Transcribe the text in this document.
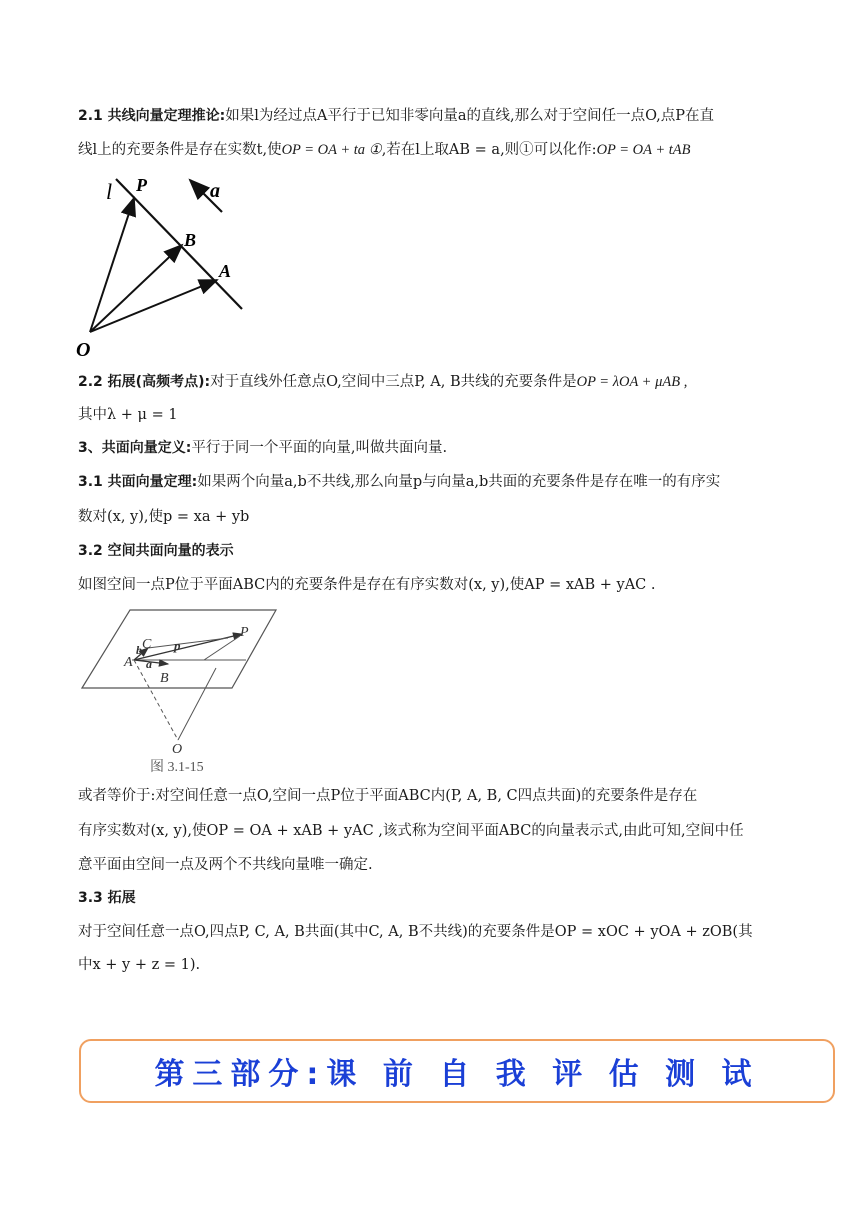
2.1 共线向量定理推论:如果l为经过点A平行于已知非零向量a的直线,那么对于空间任一点O,点P在直
线l上的充要条件是存在实数t,使OP = OA + ta ①,若在l上取AB = a,则①可以化作:OP = OA + tAB
l P
B
A
O
a
2.2 拓展(高频考点):对于直线外任意点O,空间中三点P, A, B共线的充要条件是OP = λOA + μAB ,
其中λ + μ = 1
3、共面向量定义:平行于同一个平面的向量,叫做共面向量.
3.1 共面向量定理:如果两个向量a,b不共线,那么向量p与向量a,b共面的充要条件是存在唯一的有序实
数对(x, y),使p = xa + yb
3.2 空间共面向量的表示
如图空间一点P位于平面ABC内的充要条件是存在有序实数对(x, y),使AP = xAB + yAC .
C
P
A
b p
a
B
O
图 3.1-15
或者等价于:对空间任意一点O,空间一点P位于平面ABC内(P, A, B, C四点共面)的充要条件是存在
有序实数对(x, y),使OP = OA + xAB + yAC ,该式称为空间平面ABC的向量表示式,由此可知,空间中任
意平面由空间一点及两个不共线向量唯一确定.
3.3 拓展
对于空间任意一点O,四点P, C, A, B共面(其中C, A, B不共线)的充要条件是OP = xOC + yOA + zOB(其
中x + y + z = 1).
第三部分:课 前 自 我 评 估 测 试
